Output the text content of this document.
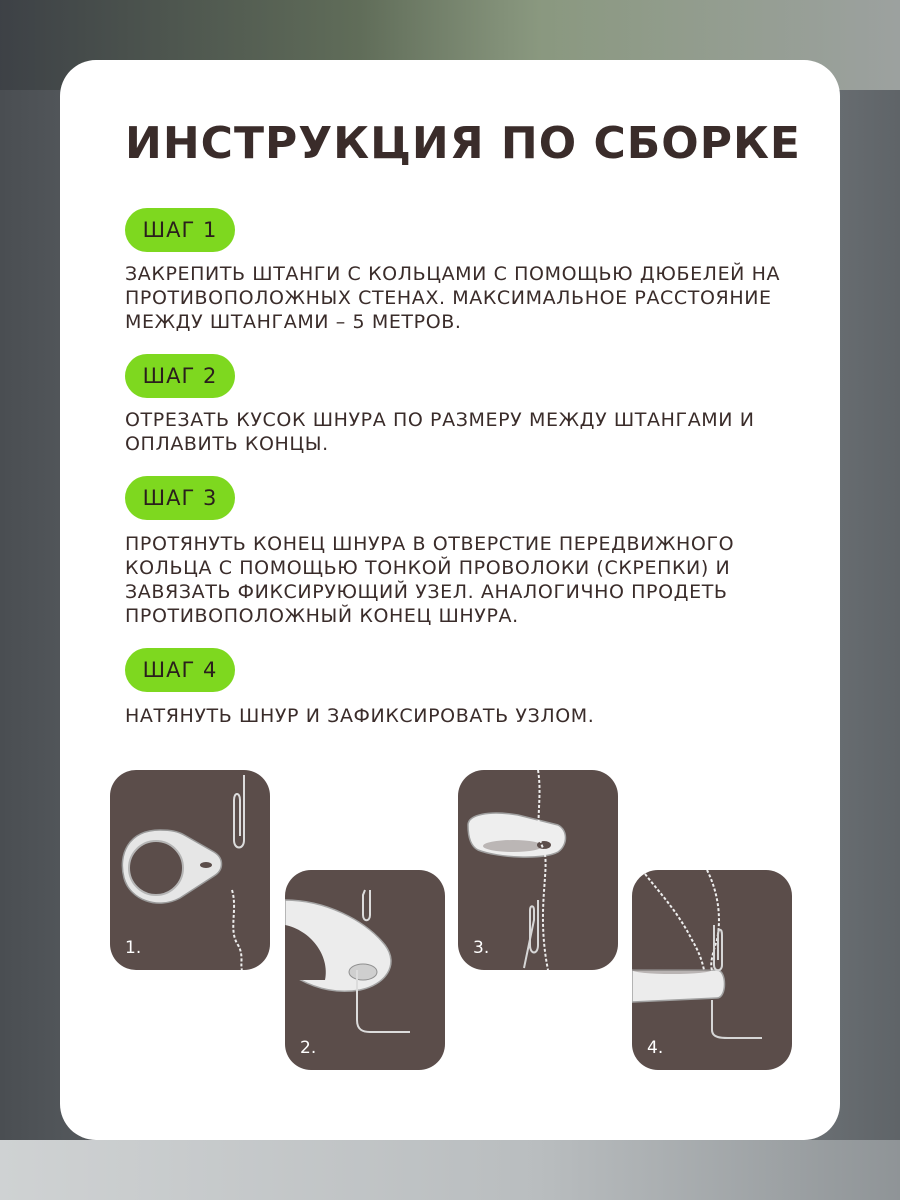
ИНСТРУКЦИЯ ПО СБОРКЕ
ШАГ 1

ЗАКРЕПИТЬ ШТАНГИ С КОЛЬЦАМИ С ПОМОЩЬЮ ДЮБЕЛЕЙ НА ПРОТИВОПОЛОЖНЫХ СТЕНАХ. МАКСИМАЛЬНОЕ РАССТОЯНИЕ МЕЖДУ ШТАНГАМИ – 5 МЕТРОВ.

ШАГ 2

ОТРЕЗАТЬ КУСОК ШНУРА ПО РАЗМЕРУ МЕЖДУ ШТАНГАМИ И ОПЛАВИТЬ КОНЦЫ.

ШАГ 3

ПРОТЯНУТЬ КОНЕЦ ШНУРА В ОТВЕРСТИЕ ПЕРЕДВИЖНОГО КОЛЬЦА С ПОМОЩЬЮ ТОНКОЙ ПРОВОЛОКИ (СКРЕПКИ) И ЗАВЯЗАТЬ ФИКСИРУЮЩИЙ УЗЕЛ. АНАЛОГИЧНО ПРОДЕТЬ ПРОТИВОПОЛОЖНЫЙ КОНЕЦ ШНУРА.

ШАГ 4

НАТЯНУТЬ ШНУР И ЗАФИКСИРОВАТЬ УЗЛОМ.

1.
2.
3.
4.
